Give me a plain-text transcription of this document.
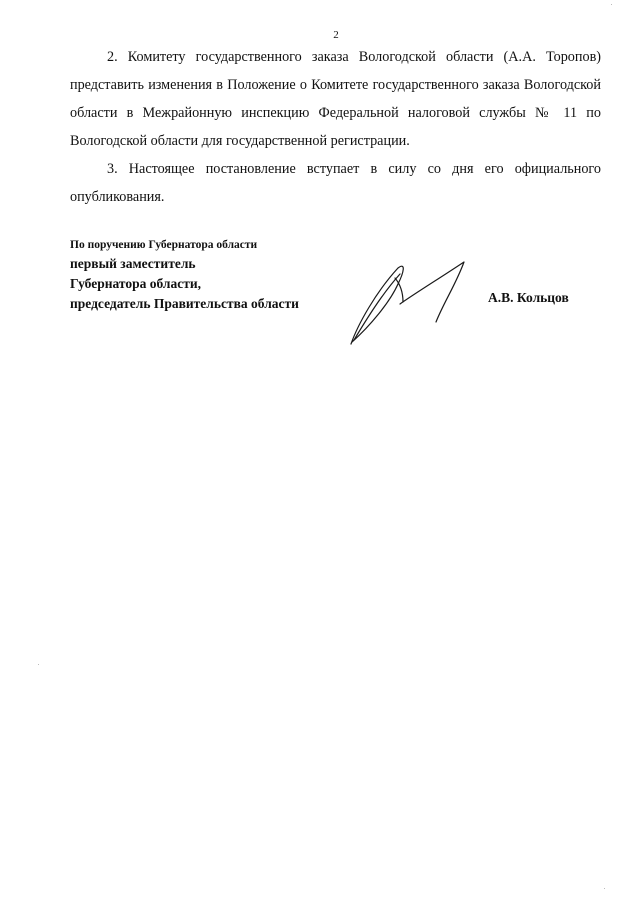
2

2. Комитету государственного заказа Вологодской области (А.А. Торопов) представить изменения в Положение о Комитете государственного заказа Вологодской области в Межрайонную инспекцию Федеральной налоговой службы № 11 по Вологодской области для государственной регистрации.

3. Настоящее постановление вступает в силу со дня его официального опубликования.

По поручению Губернатора области
первый заместитель
Губернатора области,
председатель Правительства области	А.В. Кольцов
